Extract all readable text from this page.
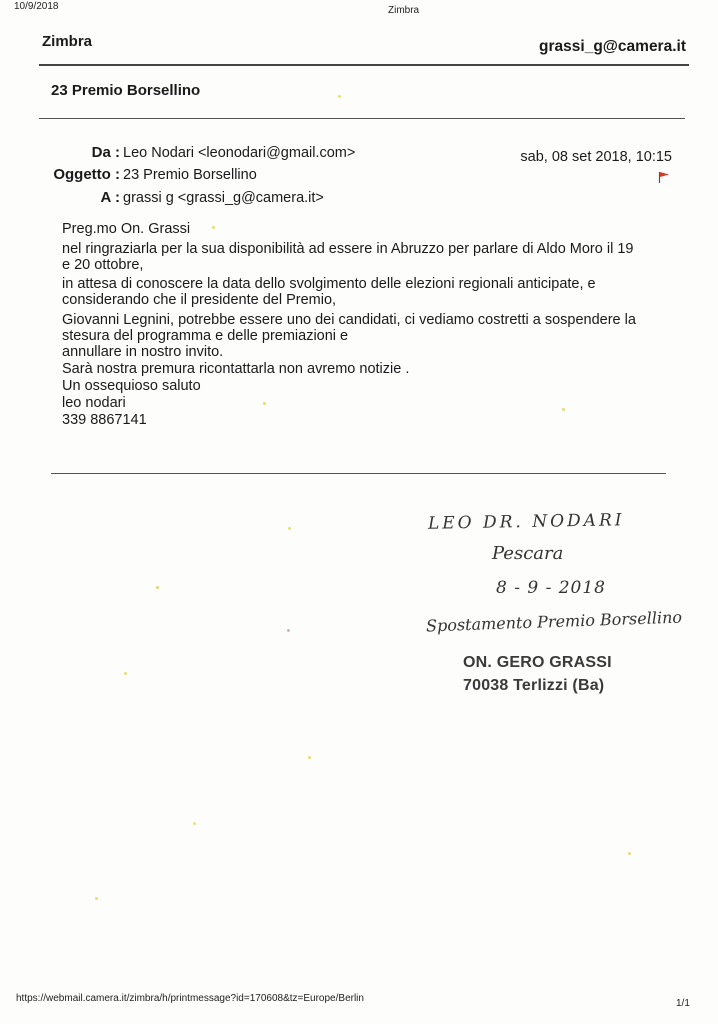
10/9/2018	Zimbra
Zimbra	grassi_g@camera.it
23 Premio Borsellino
Da : Leo Nodari <leonodari@gmail.com>
Oggetto : 23 Premio Borsellino
A : grassi g <grassi_g@camera.it>
sab, 08 set 2018, 10:15
Preg.mo On. Grassi
nel ringraziarla per la sua disponibilità ad essere in Abruzzo per parlare di Aldo Moro il 19
e 20 ottobre,
in attesa di conoscere la data dello svolgimento delle elezioni regionali anticipate, e
considerando che il presidente del Premio,
Giovanni Legnini, potrebbe essere uno dei candidati, ci vediamo costretti a sospendere la
stesura del programma e delle premiazioni e
annullare in nostro invito.
Sarà nostra premura ricontattarla non avremo notizie .
Un ossequioso saluto
leo nodari
339 8867141
LEO DR. NODARI
Pescara
8 - 9 - 2018
Spostamento Premio Borsellino
ON. GERO GRASSI
70038 Terlizzi (Ba)
https://webmail.camera.it/zimbra/h/printmessage?id=170608&tz=Europe/Berlin	1/1
